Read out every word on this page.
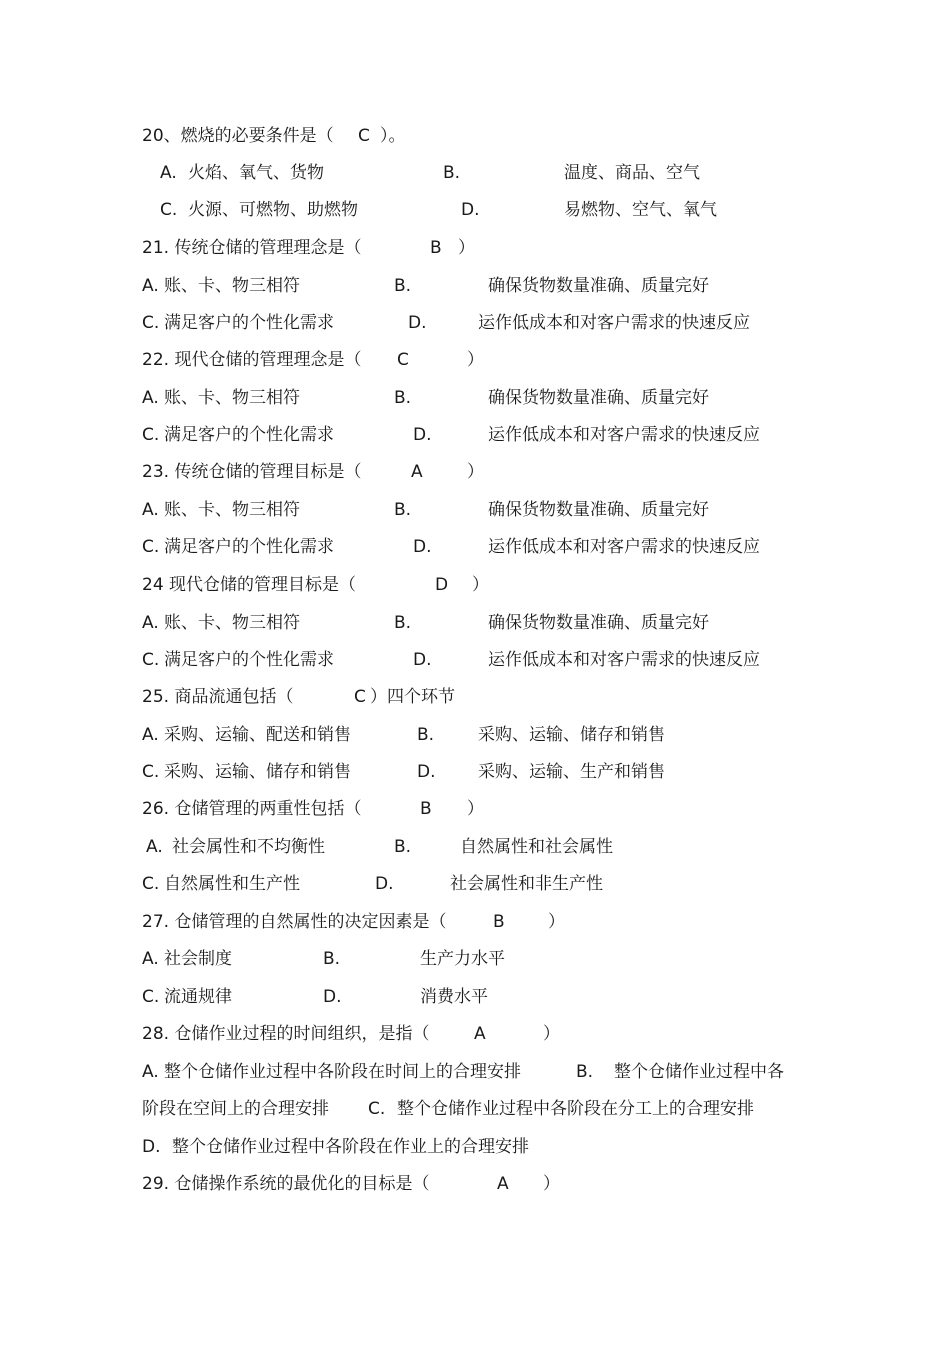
20、燃烧的必要条件是（

C

）。

A.

火焰、氧气、货物

	B.

	温度、商品、空气

C.

火源、可燃物、助燃物

	D.

	易燃物、空气、氧气

21. 传统仓储的管理理念是（

	B

）

A.

账、卡、物三相符

	B.

	确保货物数量准确、质量完好

C.

满足客户的个性化需求

	D.

	运作低成本和对客户需求的快速反应

22. 现代仓储的管理理念是（

C

	）

A.

账、卡、物三相符

	B.

	确保货物数量准确、质量完好

C.

满足客户的个性化需求

	D.

	运作低成本和对客户需求的快速反应

23. 传统仓储的管理目标是（

	A

	）

A.

账、卡、物三相符

	B.

	确保货物数量准确、质量完好

C.

满足客户的个性化需求

	D.

	运作低成本和对客户需求的快速反应

24 现代仓储的管理目标是（

	D

）

A.

账、卡、物三相符

	B.

	确保货物数量准确、质量完好

C.

满足客户的个性化需求

	D.

	运作低成本和对客户需求的快速反应

25. 商品流通包括（

	C

）四个环节

A.

采购、运输、配送和销售

	B.

	采购、运输、储存和销售

C.

采购、运输、储存和销售

	D.

	采购、运输、生产和销售

26. 仓储管理的两重性包括（

	B

）

A.

社会属性和不均衡性

	B.

	自然属性和社会属性

C.

自然属性和生产性

	D.

	社会属性和非生产性

27. 仓储管理的自然属性的决定因素是（

	B

	）

A.

社会制度

	B.

	生产力水平

C.

流通规律

	D.

	消费水平

28. 仓储作业过程的时间组织，是指（

	A

	）

A.

整个仓储作业过程中各阶段在时间上的合理安排

	B.

整个仓储作业过程中各

阶段在空间上的合理安排

C.

整个仓储作业过程中各阶段在分工上的合理安排

D.

整个仓储作业过程中各阶段在作业上的合理安排

29. 仓储操作系统的最优化的目标是（

	A

）
